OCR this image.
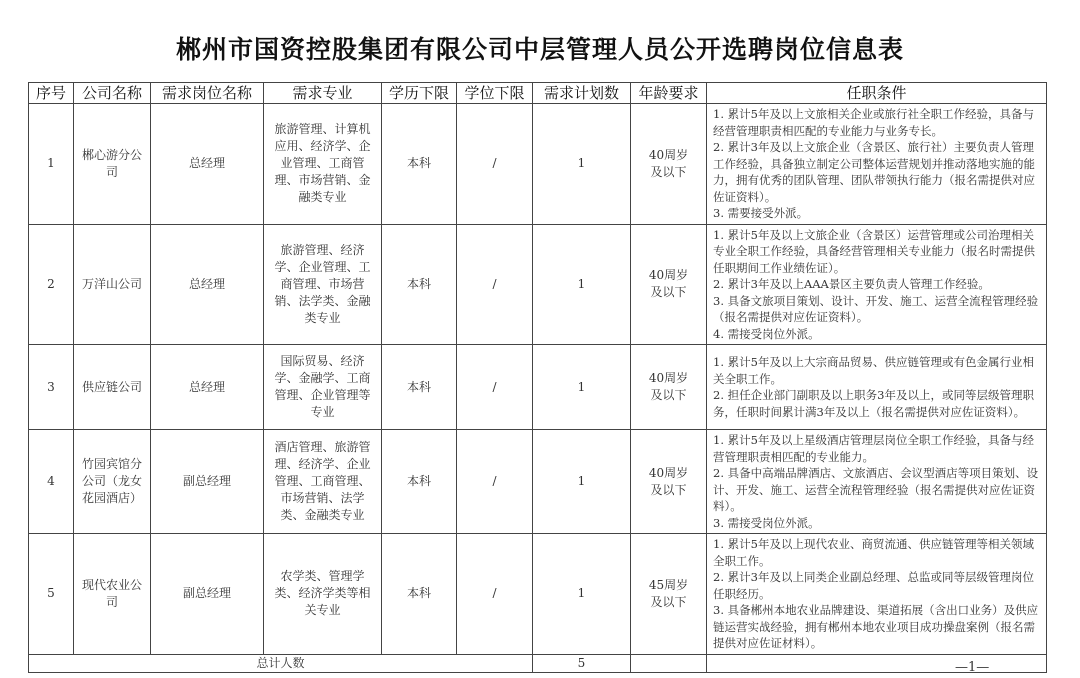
郴州市国资控股集团有限公司中层管理人员公开选聘岗位信息表
序号	公司名称	需求岗位名称	需求专业	学历下限	学位下限	需求计划数	年龄要求	任职条件
1	郴心游分公司	总经理	旅游管理、计算机应用、经济学、企业管理、工商管理、市场营销、金融类专业	本科	/	1	40周岁及以下	1. 累计5年及以上文旅相关企业或旅行社全职工作经验，具备与经营管理职责相匹配的专业能力与业务专长。
2. 累计3年及以上文旅企业（含景区、旅行社）主要负责人管理工作经验，具备独立制定公司整体运营规划并推动落地实施的能力，拥有优秀的团队管理、团队带领执行能力（报名需提供对应佐证资料）。
3. 需要接受外派。

2	万洋山公司	总经理	旅游管理、经济学、企业管理、工商管理、市场营销、法学类、金融类专业	本科	/	1	40周岁及以下	1. 累计5年及以上文旅企业（含景区）运营管理或公司治理相关专业全职工作经验，具备经营管理相关专业能力（报名时需提供任职期间工作业绩佐证）。
2. 累计3年及以上AAA景区主要负责人管理工作经验。
3. 具备文旅项目策划、设计、开发、施工、运营全流程管理经验（报名需提供对应佐证资料）。
4. 需接受岗位外派。

3	供应链公司	总经理	国际贸易、经济学、金融学、工商管理、企业管理等专业	本科	/	1	40周岁及以下	1. 累计5年及以上大宗商品贸易、供应链管理或有色金属行业相关全职工作。
2. 担任企业部门副职及以上职务3年及以上，或同等层级管理职务，任职时间累计满3年及以上（报名需提供对应佐证资料）。

4	竹园宾馆分公司（龙女花园酒店）	副总经理	酒店管理、旅游管理、经济学、企业管理、工商管理、市场营销、法学类、金融类专业	本科	/	1	40周岁及以下	1. 累计5年及以上星级酒店管理层岗位全职工作经验，具备与经营管理职责相匹配的专业能力。
2. 具备中高端品牌酒店、文旅酒店、会议型酒店等项目策划、设计、开发、施工、运营全流程管理经验（报名需提供对应佐证资料）。
3. 需接受岗位外派。

5	现代农业公司	副总经理	农学类、管理学类、经济学类等相关专业	本科	/	1	45周岁及以下	1. 累计5年及以上现代农业、商贸流通、供应链管理等相关领域全职工作。
2. 累计3年及以上同类企业副总经理、总监或同等层级管理岗位任职经历。
3. 具备郴州本地农业品牌建设、渠道拓展（含出口业务）及供应链运营实战经验，拥有郴州本地农业项目成功操盘案例（报名需提供对应佐证材料）。

总计人数						5			—1—
